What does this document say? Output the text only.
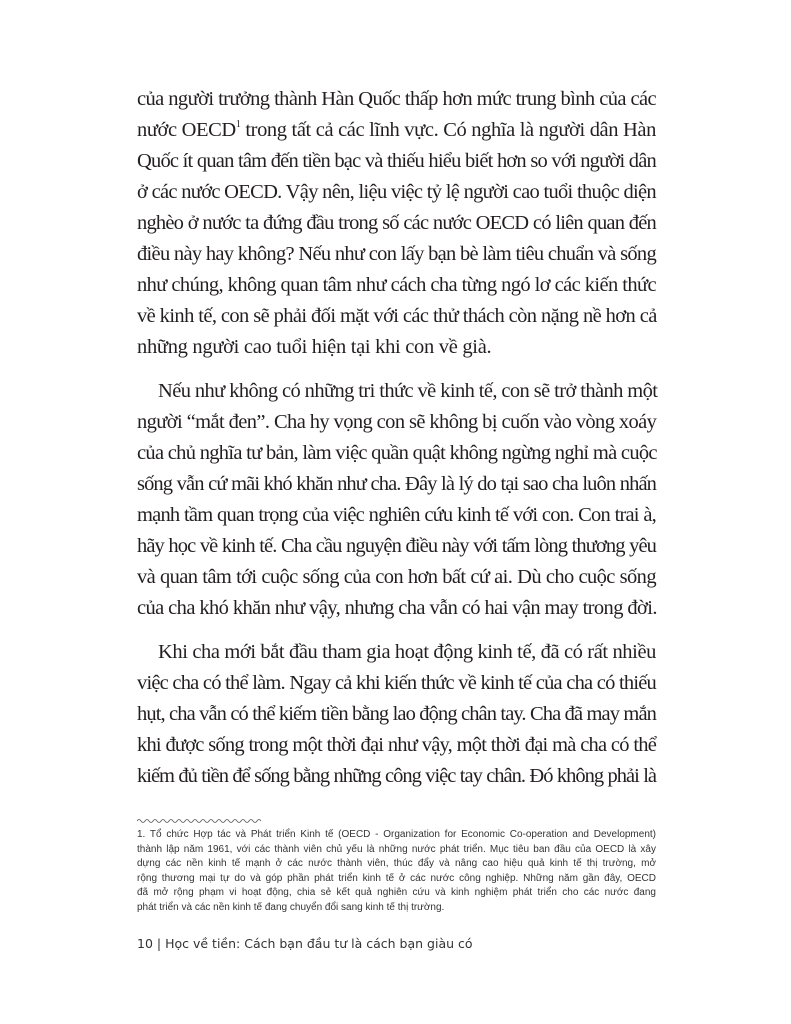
của người trưởng thành Hàn Quốc thấp hơn mức trung bình của các
nước OECD$^1$ trong tất cả các lĩnh vực. Có nghĩa là người dân Hàn
Quốc ít quan tâm đến tiền bạc và thiếu hiểu biết hơn so với người dân
ở các nước OECD. Vậy nên, liệu việc tỷ lệ người cao tuổi thuộc diện
nghèo ở nước ta đứng đầu trong số các nước OECD có liên quan đến
điều này hay không? Nếu như con lấy bạn bè làm tiêu chuẩn và sống
như chúng, không quan tâm như cách cha từng ngó lơ các kiến thức
về kinh tế, con sẽ phải đối mặt với các thử thách còn nặng nề hơn cả
những người cao tuổi hiện tại khi con về già.
Nếu như không có những tri thức về kinh tế, con sẽ trở thành một
người “mắt đen”. Cha hy vọng con sẽ không bị cuốn vào vòng xoáy
của chủ nghĩa tư bản, làm việc quần quật không ngừng nghỉ mà cuộc
sống vẫn cứ mãi khó khăn như cha. Đây là lý do tại sao cha luôn nhấn
mạnh tầm quan trọng của việc nghiên cứu kinh tế với con. Con trai à,
hãy học về kinh tế. Cha cầu nguyện điều này với tấm lòng thương yêu
và quan tâm tới cuộc sống của con hơn bất cứ ai. Dù cho cuộc sống
của cha khó khăn như vậy, nhưng cha vẫn có hai vận may trong đời.
Khi cha mới bắt đầu tham gia hoạt động kinh tế, đã có rất nhiều
việc cha có thể làm. Ngay cả khi kiến thức về kinh tế của cha có thiếu
hụt, cha vẫn có thể kiếm tiền bằng lao động chân tay. Cha đã may mắn
khi được sống trong một thời đại như vậy, một thời đại mà cha có thể
kiếm đủ tiền để sống bằng những công việc tay chân. Đó không phải là
1. Tổ chức Hợp tác và Phát triển Kinh tế (OECD - Organization for Economic Co-operation and Development)
thành lập năm 1961, với các thành viên chủ yếu là những nước phát triển. Mục tiêu ban đầu của OECD là xây
dựng các nền kinh tế mạnh ở các nước thành viên, thúc đẩy và nâng cao hiệu quả kinh tế thị trường, mở
rộng thương mại tự do và góp phần phát triển kinh tế ở các nước công nghiệp. Những năm gần đây, OECD
đã mở rộng phạm vi hoạt động, chia sẻ kết quả nghiên cứu và kinh nghiệm phát triển cho các nước đang
phát triển và các nền kinh tế đang chuyển đổi sang kinh tế thị trường.
10 | Học về tiền: Cách bạn đầu tư là cách bạn giàu có
